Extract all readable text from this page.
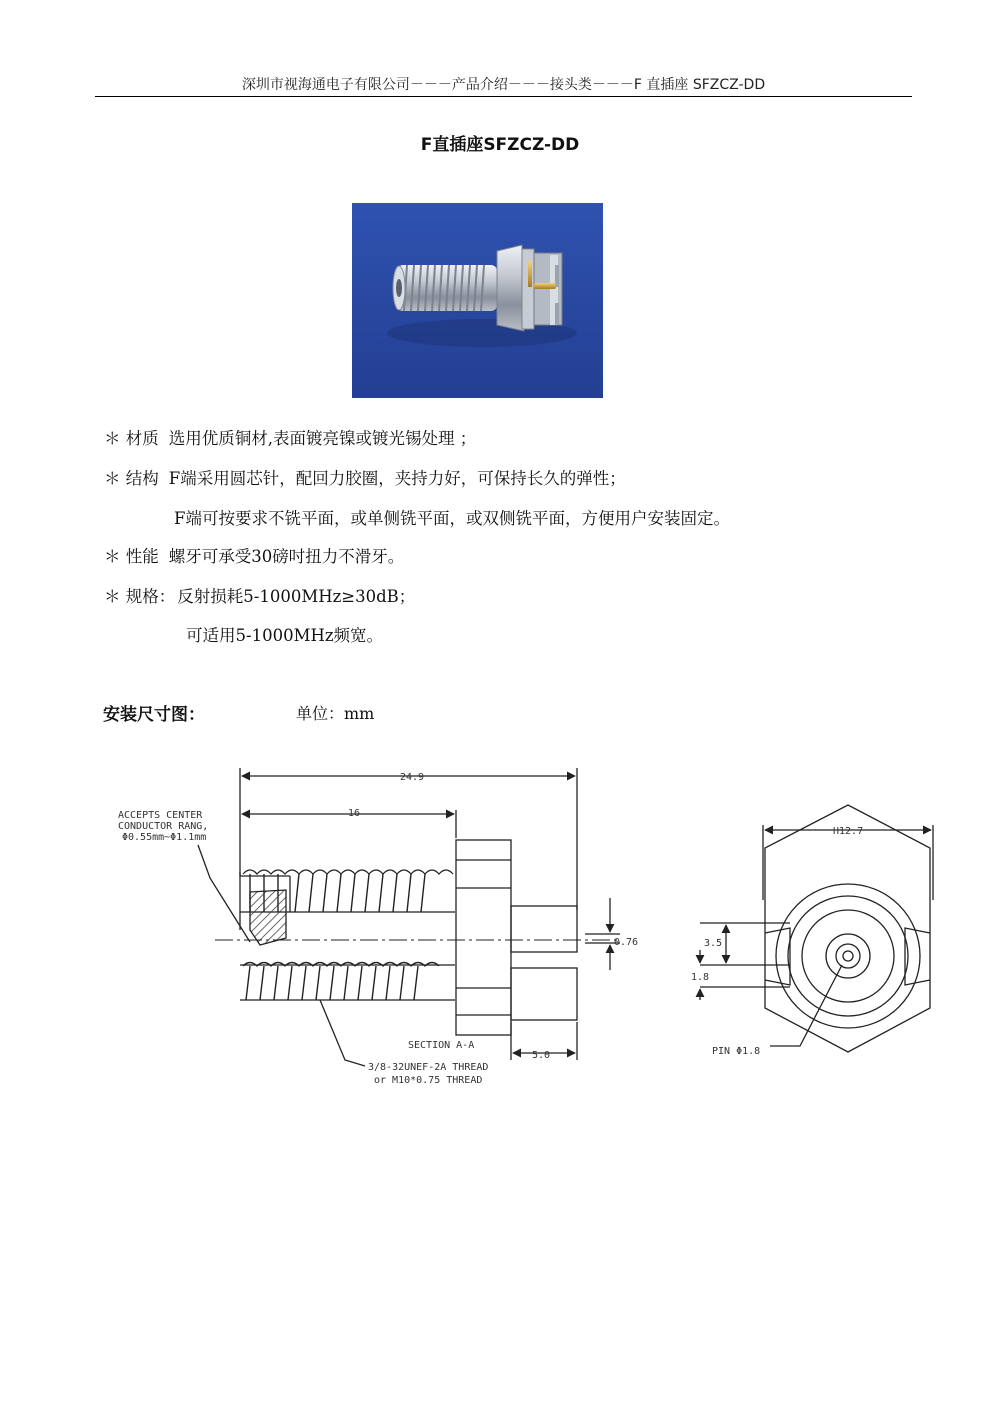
深圳市视海通电子有限公司－－－产品介绍－－－接头类－－－F 直插座 SFZCZ-DD
F直插座SFZCZ-DD
＊ 材质 选用优质铜材,表面镀亮镍或镀光锡处理 ；
＊ 结构 F端采用圆芯针，配回力胶圈，夹持力好，可保持长久的弹性；
F端可按要求不铣平面，或单侧铣平面，或双侧铣平面，方便用户安装固定。
＊ 性能 螺牙可承受30磅吋扭力不滑牙。
＊ 规格： 反射损耗5-1000MHz≥30dB；
可适用5-1000MHz频宽。
安装尺寸图：	单位：mm
24.9
16
ACCEPTS CENTER
CONDUCTOR RANG,
Φ0.55mm~Φ1.1mm
0.76
SECTION A-A
5.0
3/8-32UNEF-2A THREAD
or M10*0.75 THREAD
H12.7
3.5
1.8
PIN Φ1.8
